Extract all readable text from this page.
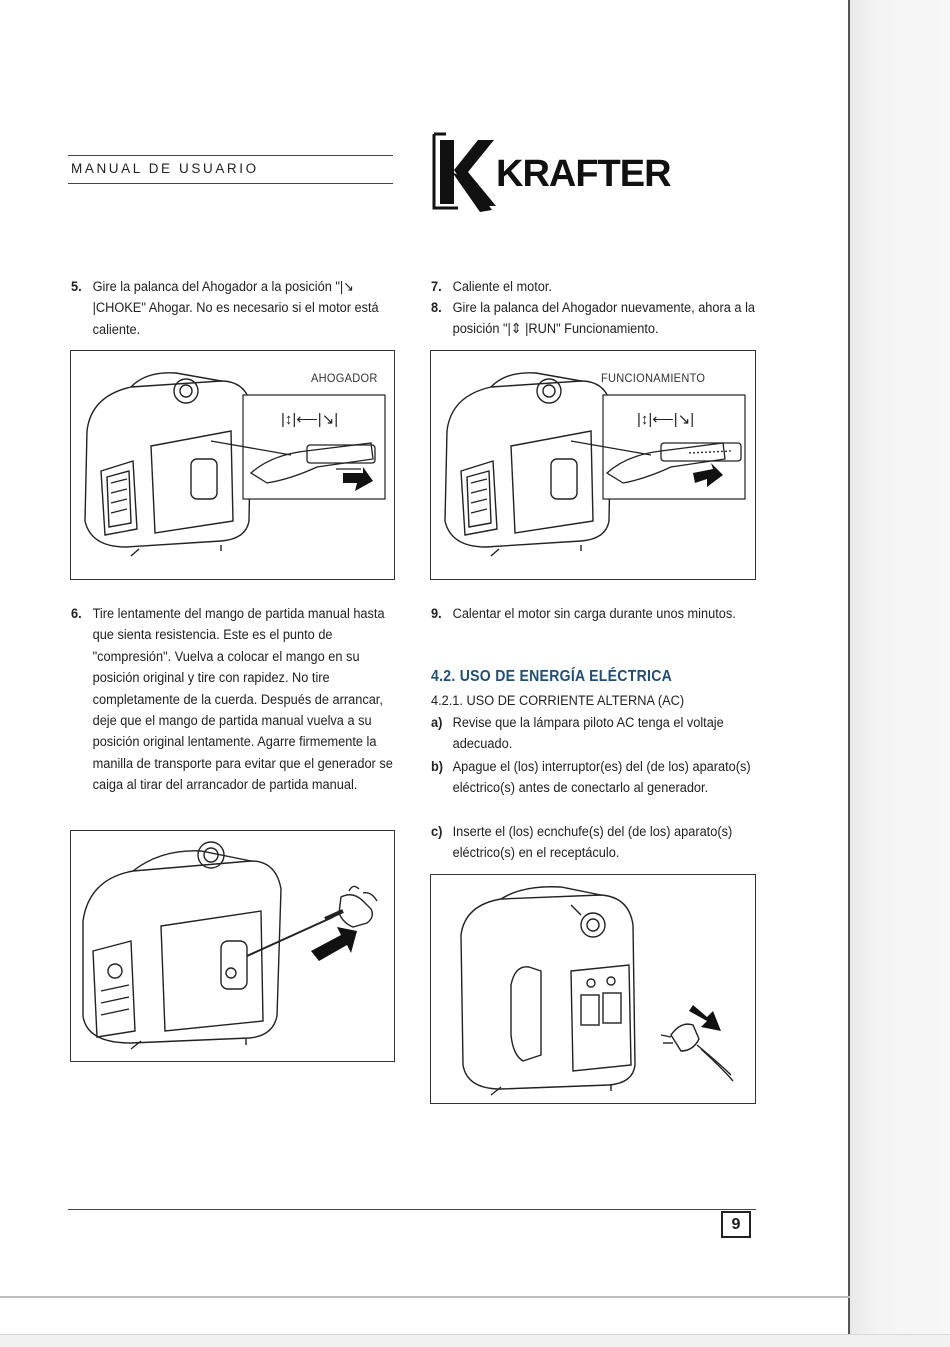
MANUAL DE USUARIO	KRAFTER
5. Gire la palanca del Ahogador a la posición "|↘ |CHOKE" Ahogar. No es necesario si el motor está caliente.
AHOGADOR
|↕|⟵|↘|
6. Tire lentamente del mango de partida manual hasta que sienta resistencia. Este es el punto de "compresión". Vuelva a colocar el mango en su posición original y tire con rapidez. No tire completamente de la cuerda. Después de arrancar, deje que el mango de partida manual vuelva a su posición original lentamente. Agarre firmemente la manilla de transporte para evitar que el generador se caiga al tirar del arrancador de partida manual.
7. Caliente el motor.
8. Gire la palanca del Ahogador nuevamente, ahora a la posición "|⇕ |RUN" Funcionamiento.
FUNCIONAMIENTO
|↕|⟵|↘|
9. Calentar el motor sin carga durante unos minutos.
4.2. USO DE ENERGÍA ELÉCTRICA
4.2.1. USO DE CORRIENTE ALTERNA (AC)
a) Revise que la lámpara piloto AC tenga el voltaje adecuado.
b) Apague el (los) interruptor(es) del (de los) aparato(s) eléctrico(s) antes de conectarlo al generador.
c) Inserte el (los) ecnchufe(s) del (de los) aparato(s) eléctrico(s) en el receptáculo.
9
